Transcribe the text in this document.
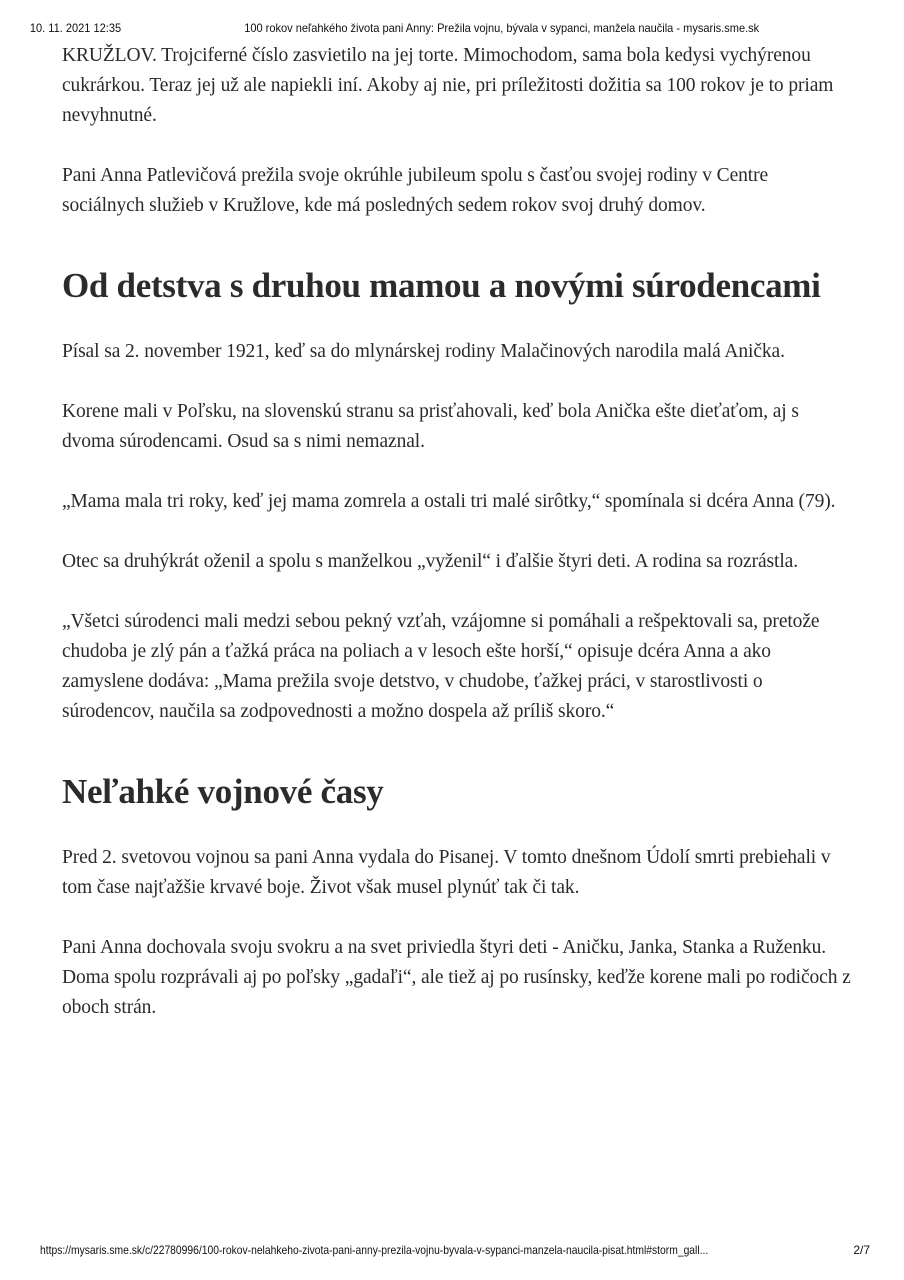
10. 11. 2021 12:35	100 rokov neľahkého života pani Anny: Prežila vojnu, bývala v sypanci, manžela naučila - mysaris.sme.sk

KRUŽLOV. Trojciferné číslo zasvietilo na jej torte. Mimochodom, sama bola kedysi vychýrenou cukrárkou. Teraz jej už ale napiekli iní. Akoby aj nie, pri príležitosti dožitia sa 100 rokov je to priam nevyhnutné.

Pani Anna Patlevičová prežila svoje okrúhle jubileum spolu s časťou svojej rodiny v Centre sociálnych služieb v Kružlove, kde má posledných sedem rokov svoj druhý domov.

Od detstva s druhou mamou a novými súrodencami

Písal sa 2. november 1921, keď sa do mlynárskej rodiny Malačinových narodila malá Anička.

Korene mali v Poľsku, na slovenskú stranu sa prisťahovali, keď bola Anička ešte dieťaťom, aj s dvoma súrodencami. Osud sa s nimi nemaznal.

„Mama mala tri roky, keď jej mama zomrela a ostali tri malé sirôtky,“ spomínala si dcéra Anna (79).

Otec sa druhýkrát oženil a spolu s manželkou „vyženil“ i ďalšie štyri deti. A rodina sa rozrástla.

„Všetci súrodenci mali medzi sebou pekný vzťah, vzájomne si pomáhali a rešpektovali sa, pretože chudoba je zlý pán a ťažká práca na poliach a v lesoch ešte horší,“ opisuje dcéra Anna a ako zamyslene dodáva: „Mama prežila svoje detstvo, v chudobe, ťažkej práci, v starostlivosti o súrodencov, naučila sa zodpovednosti a možno dospela až príliš skoro.“

Neľahké vojnové časy

Pred 2. svetovou vojnou sa pani Anna vydala do Pisanej. V tomto dnešnom Údolí smrti prebiehali v tom čase najťažšie krvavé boje. Život však musel plynúť tak či tak.

Pani Anna dochovala svoju svokru a na svet priviedla štyri deti - Aničku, Janka, Stanka a Ruženku. Doma spolu rozprávali aj po poľsky „gadaľi“, ale tiež aj po rusínsky, keďže korene mali po rodičoch z oboch strán.

https://mysaris.sme.sk/c/22780996/100-rokov-nelahkeho-zivota-pani-anny-prezila-vojnu-byvala-v-sypanci-manzela-naucila-pisat.html#storm_gall...	2/7
